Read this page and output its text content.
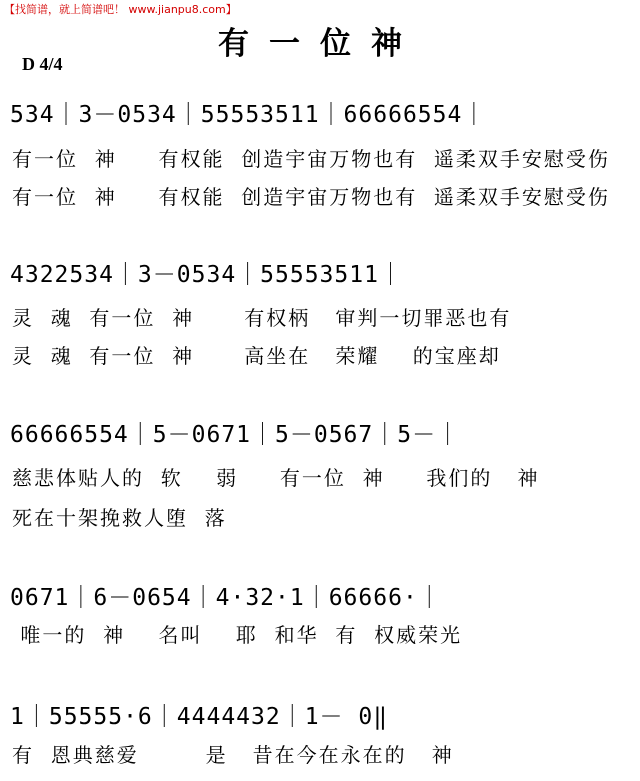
【找简谱，就上简谱吧！ www.jianpu8.com】
有一位神
D 4/4
534｜3－0534｜55553511｜66666554｜
有一位  神     有权能  创造宇宙万物也有  遥柔双手安慰受伤
有一位  神     有权能  创造宇宙万物也有  遥柔双手安慰受伤
4322534｜3－0534｜55553511｜
灵  魂  有一位  神      有权柄   审判一切罪恶也有
灵  魂  有一位  神      高坐在   荣耀    的宝座却
66666554｜5－0671｜5－0567｜5－｜
慈悲体贴人的  软    弱     有一位  神     我们的   神
死在十架挽救人堕  落
0671｜6－0654｜4·32·1｜66666·｜
唯一的  神    名叫    耶  和华  有  权威荣光
1｜55555·6｜4444432｜1－ 0‖
有  恩典慈爱        是   昔在今在永在的   神
